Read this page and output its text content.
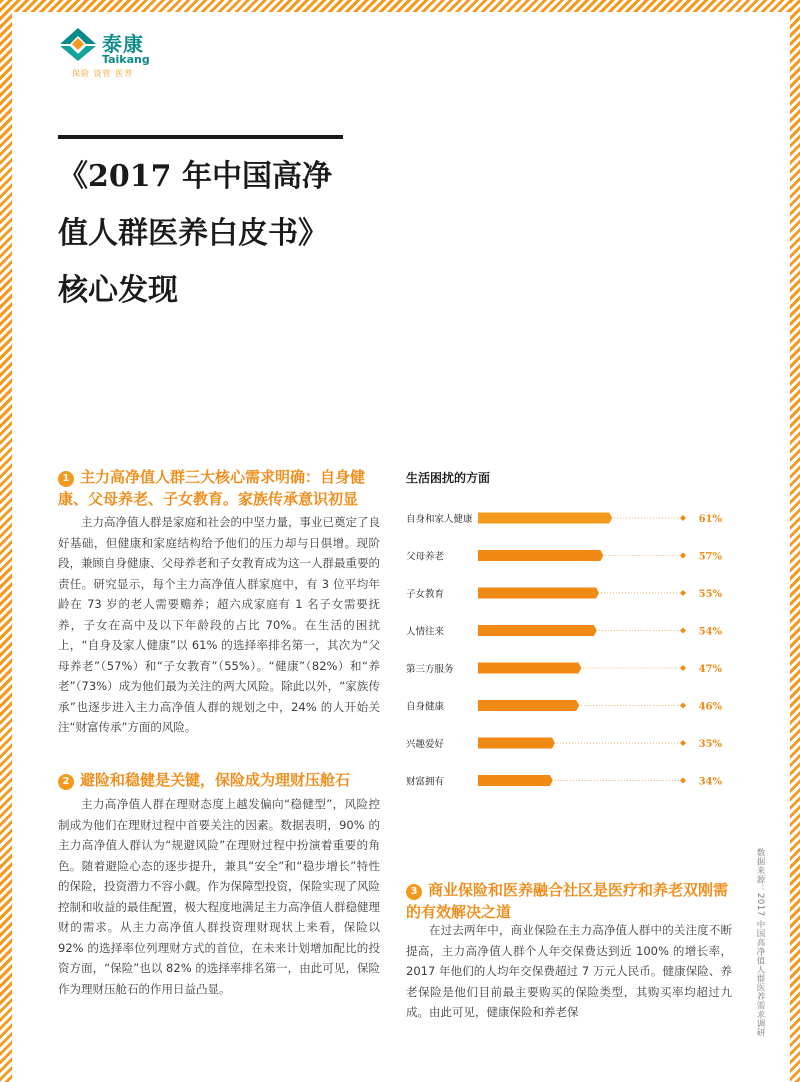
泰康
Taikang
保险 资管 医养
《2017 年中国高净
值人群医养白皮书》
核心发现
1 主力高净值人群三大核心需求明确：自身健康、父母养老、子女教育。家族传承意识初显
主力高净值人群是家庭和社会的中坚力量，事业已奠定了良好基础，但健康和家庭结构给予他们的压力却与日俱增。现阶段，兼顾自身健康、父母养老和子女教育成为这一人群最重要的责任。研究显示，每个主力高净值人群家庭中，有 3 位平均年龄在 73 岁的老人需要赡养；超六成家庭有 1 名子女需要抚养，子女在高中及以下年龄段的占比 70%。在生活的困扰上，“自身及家人健康”以 61% 的选择率排名第一，其次为“父母养老”（57%）和“子女教育”（55%）。“健康”（82%）和“养老”（73%）成为他们最为关注的两大风险。除此以外，“家族传承”也逐步进入主力高净值人群的规划之中，24% 的人开始关注“财富传承”方面的风险。
2 避险和稳健是关键，保险成为理财压舱石
主力高净值人群在理财态度上越发偏向“稳健型”，风险控制成为他们在理财过程中首要关注的因素。数据表明，90% 的主力高净值人群认为“规避风险”在理财过程中扮演着重要的角色。随着避险心态的逐步提升，兼具“安全”和“稳步增长”特性的保险，投资潜力不容小觑。作为保障型投资，保险实现了风险控制和收益的最佳配置，极大程度地满足主力高净值人群稳健理财的需求。从主力高净值人群投资理财现状上来看，保险以 92% 的选择率位列理财方式的首位，在未来计划增加配比的投资方面，“保险”也以 82% 的选择率排名第一，由此可见，保险作为理财压舱石的作用日益凸显。
生活困扰的方面
自身和家人健康	61%
父母养老	57%
子女教育	55%
人情往来	54%
第三方服务	47%
自身健康	46%
兴趣爱好	35%
财富拥有	34%
3 商业保险和医养融合社区是医疗和养老双刚需的有效解决之道
在过去两年中，商业保险在主力高净值人群中的关注度不断提高，主力高净值人群个人年交保费达到近 100% 的增长率，2017 年他们的人均年交保费超过 7 万元人民币。健康保险、养老保险是他们目前最主要购买的保险类型，其购买率均超过九成。由此可见，健康保险和养老保	数据来源：2017 中国高净值人群医养需求调研
